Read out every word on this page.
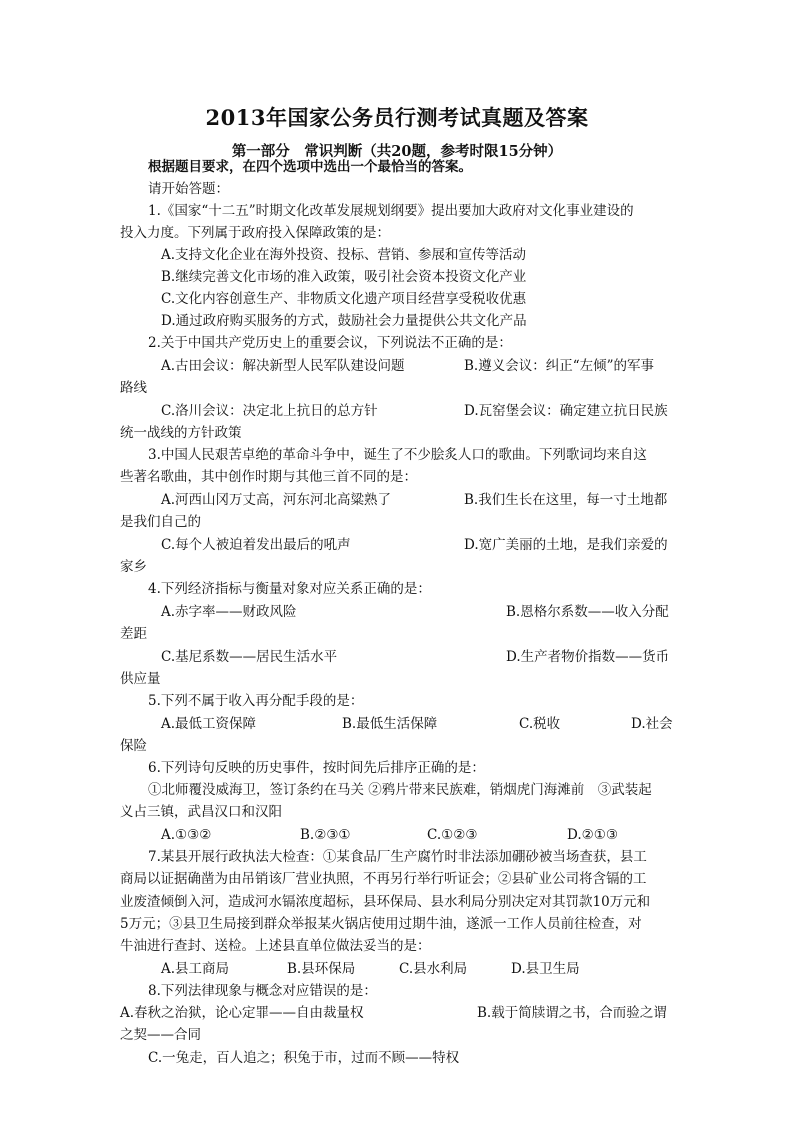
2013年国家公务员行测考试真题及答案
第一部分　常识判断（共20题，参考时限15分钟）
根据题目要求，在四个选项中选出一个最恰当的答案。
请开始答题：
1.《国家“十二五”时期文化改革发展规划纲要》提出要加大政府对文化事业建设的
投入力度。下列属于政府投入保障政策的是：
A.支持文化企业在海外投资、投标、营销、参展和宣传等活动
B.继续完善文化市场的准入政策，吸引社会资本投资文化产业
C.文化内容创意生产、非物质文化遗产项目经营享受税收优惠
D.通过政府购买服务的方式，鼓励社会力量提供公共文化产品
2.关于中国共产党历史上的重要会议，下列说法不正确的是：
A.古田会议：解决新型人民军队建设问题	B.遵义会议：纠正“左倾”的军事
路线
C.洛川会议：决定北上抗日的总方针	D.瓦窑堡会议：确定建立抗日民族
统一战线的方针政策
3.中国人民艰苦卓绝的革命斗争中，诞生了不少脍炙人口的歌曲。下列歌词均来自这
些著名歌曲，其中创作时期与其他三首不同的是：
A.河西山冈万丈高，河东河北高粱熟了	B.我们生长在这里，每一寸土地都
是我们自己的
C.每个人被迫着发出最后的吼声	D.宽广美丽的土地，是我们亲爱的
家乡
4.下列经济指标与衡量对象对应关系正确的是：
A.赤字率——财政风险	B.恩格尔系数——收入分配
差距
C.基尼系数——居民生活水平	D.生产者物价指数——货币
供应量
5.下列不属于收入再分配手段的是：
A.最低工资保障	B.最低生活保障	C.税收	D.社会
保险
6.下列诗句反映的历史事件，按时间先后排序正确的是：
①北师覆没威海卫，签订条约在马关 ②鸦片带来民族难，销烟虎门海滩前　③武装起
义占三镇，武昌汉口和汉阳
A.①③②	B.②③①	C.①②③	D.②①③
7.某县开展行政执法大检查：①某食品厂生产腐竹时非法添加硼砂被当场查获，县工
商局以证据确凿为由吊销该厂营业执照，不再另行举行听证会；②县矿业公司将含镉的工
业废渣倾倒入河，造成河水镉浓度超标，县环保局、县水利局分别决定对其罚款10万元和
5万元；③县卫生局接到群众举报某火锅店使用过期牛油，遂派一工作人员前往检查，对
牛油进行查封、送检。上述县直单位做法妥当的是：
A.县工商局	B.县环保局	C.县水利局	D.县卫生局
8.下列法律现象与概念对应错误的是：
A.春秋之治狱，论心定罪——自由裁量权	B.载于简牍谓之书，合而验之谓
之契——合同
C.一兔走，百人追之；积兔于市，过而不顾——特权
